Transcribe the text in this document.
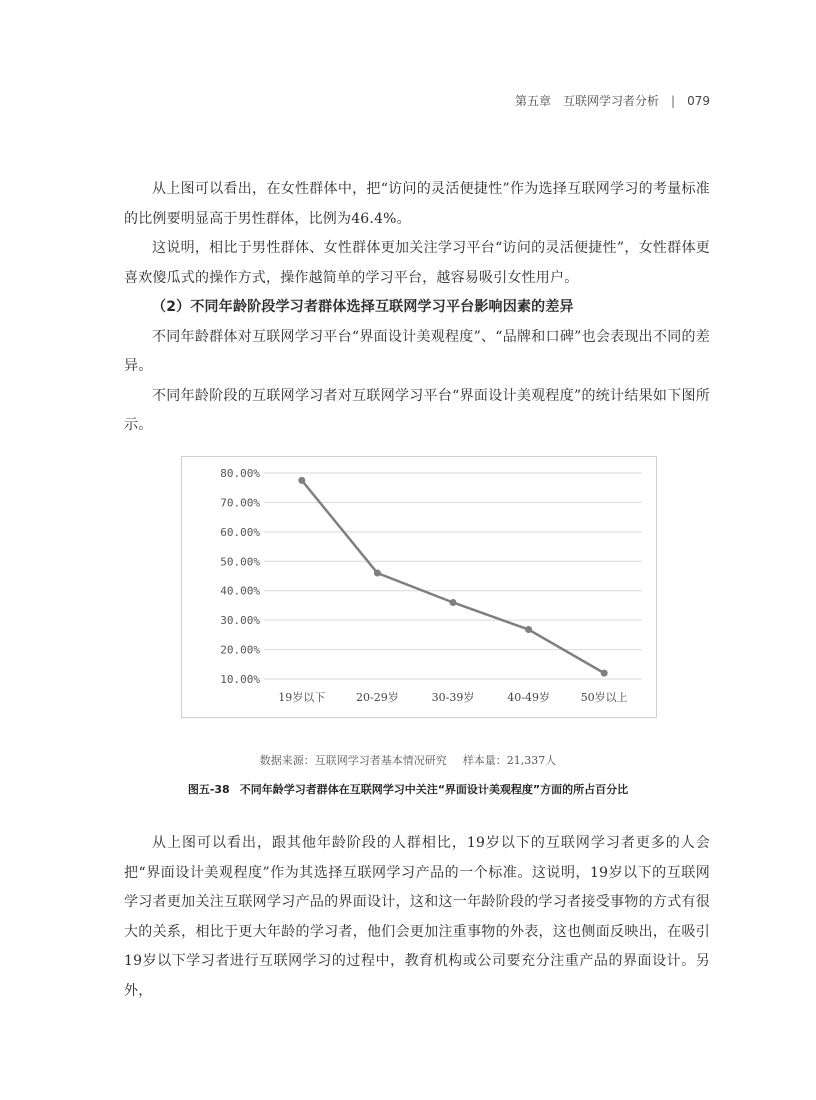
第五章　互联网学习者分析 | 079

从上图可以看出，在女性群体中，把“访问的灵活便捷性”作为选择互联网学习的考量标准的比例要明显高于男性群体，比例为46.4%。

这说明，相比于男性群体、女性群体更加关注学习平台“访问的灵活便捷性”，女性群体更喜欢傻瓜式的操作方式，操作越简单的学习平台，越容易吸引女性用户。

（2）不同年龄阶段学习者群体选择互联网学习平台影响因素的差异

不同年龄群体对互联网学习平台“界面设计美观程度”、“品牌和口碑”也会表现出不同的差异。

不同年龄阶段的互联网学习者对互联网学习平台“界面设计美观程度”的统计结果如下图所示。

10.00%
20.00%
30.00%
40.00%
50.00%
60.00%
70.00%
80.00%
19岁以下	20-29岁	30-39岁	40-49岁	50岁以上
数据来源：互联网学习者基本情况研究 样本量：21,337人
图五-38 不同年龄学习者群体在互联网学习中关注“界面设计美观程度”方面的所占百分比

从上图可以看出，跟其他年龄阶段的人群相比，19岁以下的互联网学习者更多的人会把“界面设计美观程度”作为其选择互联网学习产品的一个标准。这说明，19岁以下的互联网学习者更加关注互联网学习产品的界面设计，这和这一年龄阶段的学习者接受事物的方式有很大的关系，相比于更大年龄的学习者，他们会更加注重事物的外表，这也侧面反映出，在吸引19岁以下学习者进行互联网学习的过程中，教育机构或公司要充分注重产品的界面设计。另外，
